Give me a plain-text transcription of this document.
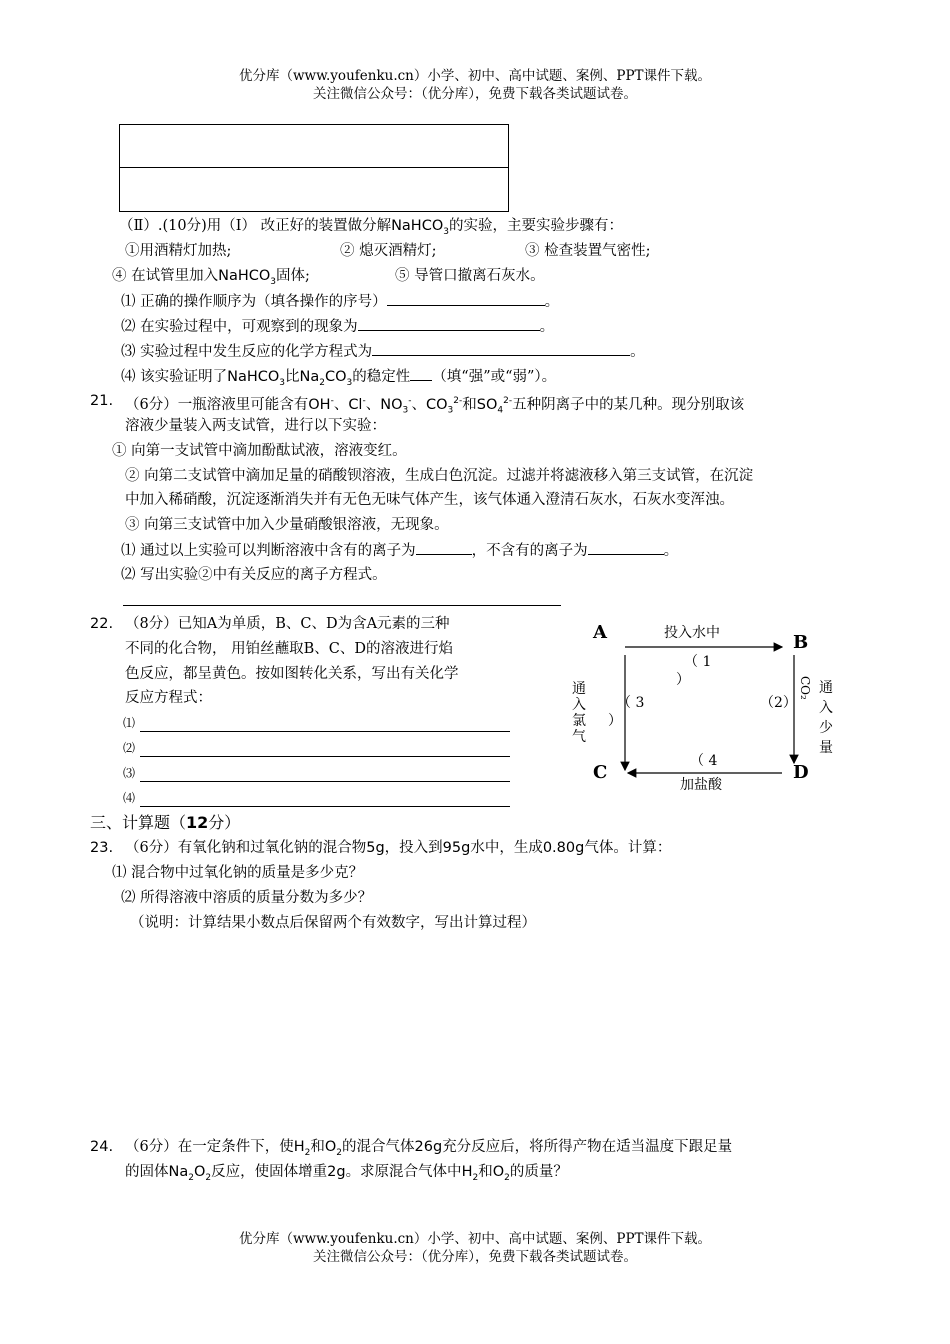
优分库（www.youfenku.cn）小学、初中、高中试题、案例、PPT课件下载。
关注微信公众号：（优分库），免费下载各类试题试卷。
（Ⅱ）.(10分)用（Ⅰ） 改正好的装置做分解NaHCO$_3$的实验，主要实验步骤有：
①用酒精灯加热;	② 熄灭酒精灯;	③ 检查装置气密性;
④ 在试管里加入NaHCO$_3$固体;	⑤ 导管口撤离石灰水。
⑴ 正确的操作顺序为（填各操作的序号）	。
⑵ 在实验过程中，可观察到的现象为	。
⑶ 实验过程中发生反应的化学方程式为	。
⑷ 该实验证明了NaHCO$_3$比$Na_2CO_3$的稳定性 （填“强”或“弱”）。
21. （6分）一瓶溶液里可能含有OH-、Cl-、$NO_3^-$、$CO_3^{2-}$和$SO_4^{2-}$五种阴离子中的某几种。现分别取该
溶液少量装入两支试管，进行以下实验：
① 向第一支试管中滴加酚酞试液，溶液变红。
② 向第二支试管中滴加足量的硝酸钡溶液，生成白色沉淀。过滤并将滤液移入第三支试管，在沉淀
中加入稀硝酸，沉淀逐渐消失并有无色无味气体产生，该气体通入澄清石灰水，石灰水变浑浊。
③ 向第三支试管中加入少量硝酸银溶液，无现象。
⑴ 通过以上实验可以判断溶液中含有的离子为	，不含有的离子为	。
⑵ 写出实验②中有关反应的离子方程式。
22. （8分）已知A为单质，B、C、D为含A元素的三种
不同的化合物， 用铂丝蘸取B、C、D的溶液进行焰
色反应，都呈黄色。按如图转化关系，写出有关化学
反应方程式：
⑴
⑵
⑶
⑷
A	B
C	D
投入水中
（ 1
）
通
入
氯
气
（ 3
）
（2）
CO₂ 通
入
少
量
（ 4
加盐酸
三、计算题（12分）
23. （6分）有氧化钠和过氧化钠的混合物5g，投入到95g水中，生成0.80g气体。计算：
⑴ 混合物中过氧化钠的质量是多少克？
⑵ 所得溶液中溶质的质量分数为多少？
（说明：计算结果小数点后保留两个有效数字，写出计算过程）
24. （6分）在一定条件下，使$H_2$和$O_2$的混合气体26g充分反应后，将所得产物在适当温度下跟足量
的固体$Na_2O_2$反应，使固体增重2g。求原混合气体中$H_2$和$O_2$的质量？
优分库（www.youfenku.cn）小学、初中、高中试题、案例、PPT课件下载。
关注微信公众号：（优分库），免费下载各类试题试卷。
